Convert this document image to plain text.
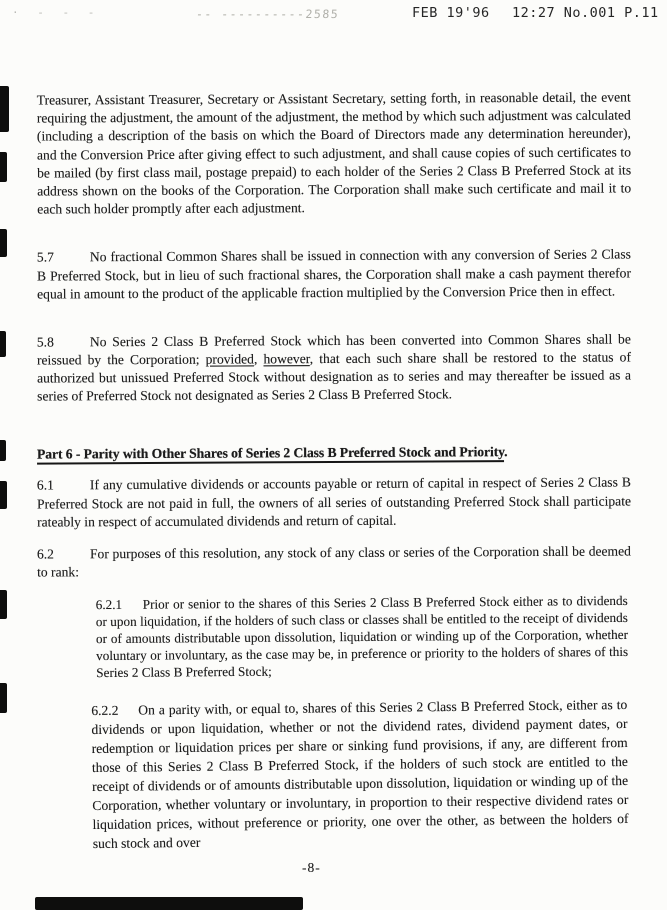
· - - -	-- ----------2585	FEB 19'96 12:27 No.001 P.11

Treasurer, Assistant Treasurer, Secretary or Assistant Secretary, setting forth, in reasonable detail, the event requiring the adjustment, the amount of the adjustment, the method by which such adjustment was calculated (including a description of the basis on which the Board of Directors made any determination hereunder), and the Conversion Price after giving effect to such adjustment, and shall cause copies of such certificates to be mailed (by first class mail, postage prepaid) to each holder of the Series 2 Class B Preferred Stock at its address shown on the books of the Corporation. The Corporation shall make such certificate and mail it to each such holder promptly after each adjustment.

5.7	No fractional Common Shares shall be issued in connection with any conversion of Series 2 Class B Preferred Stock, but in lieu of such fractional shares, the Corporation shall make a cash payment therefor equal in amount to the product of the applicable fraction multiplied by the Conversion Price then in effect.

5.8	No Series 2 Class B Preferred Stock which has been converted into Common Shares shall be reissued by the Corporation; provided, however, that each such share shall be restored to the status of authorized but unissued Preferred Stock without designation as to series and may thereafter be issued as a series of Preferred Stock not designated as Series 2 Class B Preferred Stock.

Part 6 - Parity with Other Shares of Series 2 Class B Preferred Stock and Priority.

6.1	If any cumulative dividends or accounts payable or return of capital in respect of Series 2 Class B Preferred Stock are not paid in full, the owners of all series of outstanding Preferred Stock shall participate rateably in respect of accumulated dividends and return of capital.

6.2	For purposes of this resolution, any stock of any class or series of the Corporation shall be deemed to rank:

6.2.1 Prior or senior to the shares of this Series 2 Class B Preferred Stock either as to dividends or upon liquidation, if the holders of such class or classes shall be entitled to the receipt of dividends or of amounts distributable upon dissolution, liquidation or winding up of the Corporation, whether voluntary or involuntary, as the case may be, in preference or priority to the holders of shares of this Series 2 Class B Preferred Stock;

6.2.2 On a parity with, or equal to, shares of this Series 2 Class B Preferred Stock, either as to dividends or upon liquidation, whether or not the dividend rates, dividend payment dates, or redemption or liquidation prices per share or sinking fund provisions, if any, are different from those of this Series 2 Class B Preferred Stock, if the holders of such stock are entitled to the receipt of dividends or of amounts distributable upon dissolution, liquidation or winding up of the Corporation, whether voluntary or involuntary, in proportion to their respective dividend rates or liquidation prices, without preference or priority, one over the other, as between the holders of such stock and over

-8-
